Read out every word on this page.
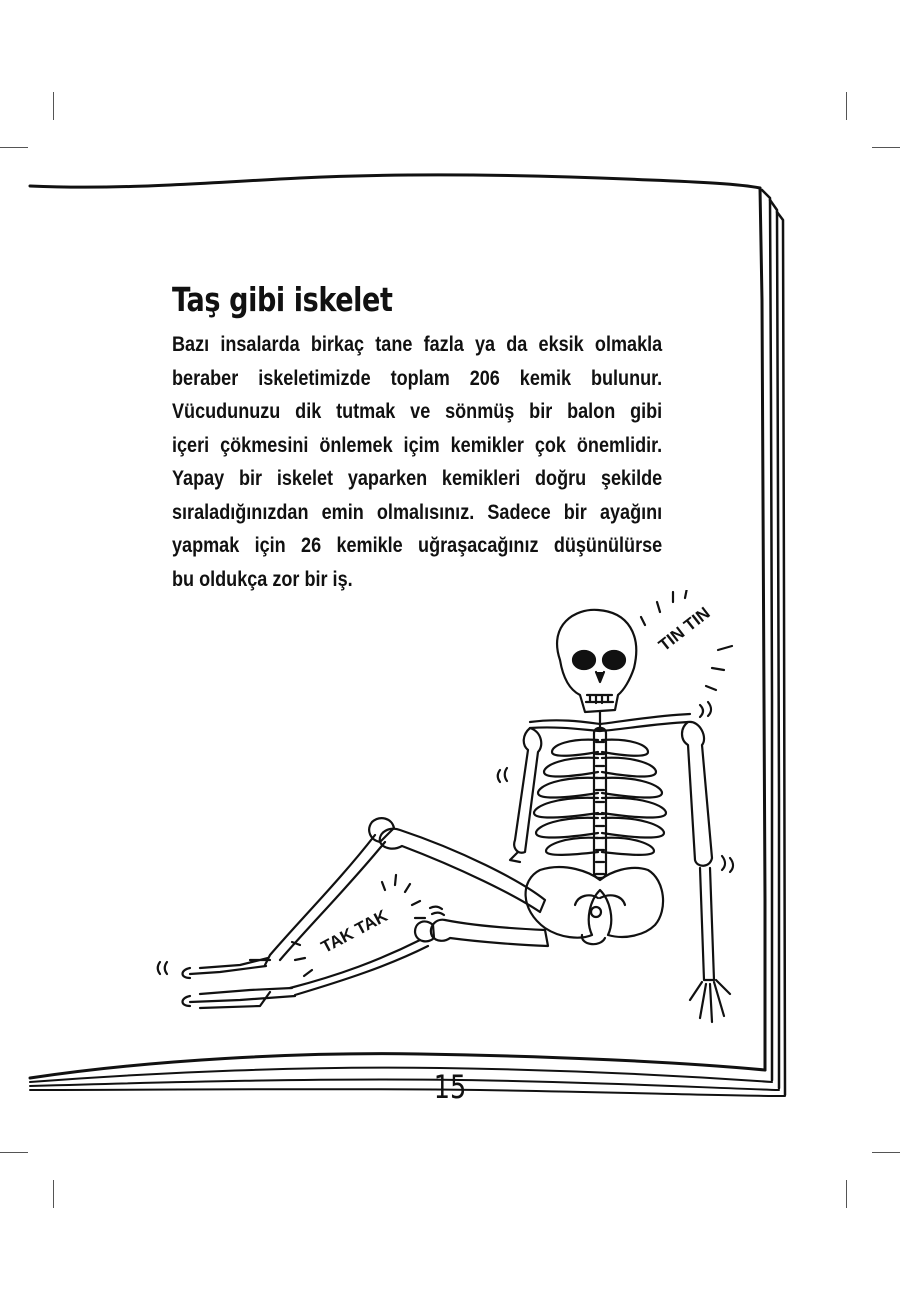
Taş gibi iskelet
Bazı insalarda birkaç tane fazla ya da eksik olmakla
beraber iskeletimizde toplam 206 kemik bulunur.
Vücudunuzu dik tutmak ve sönmüş bir balon gibi
içeri çökmesini önlemek içim kemikler çok önemlidir.
Yapay bir iskelet yaparken kemikleri doğru şekilde
sıraladığınızdan emin olmalısınız. Sadece bir ayağını
yapmak için 26 kemikle uğraşacağınız düşünülürse
bu oldukça zor bir iş.
TIN TIN
TAK TAK
15
